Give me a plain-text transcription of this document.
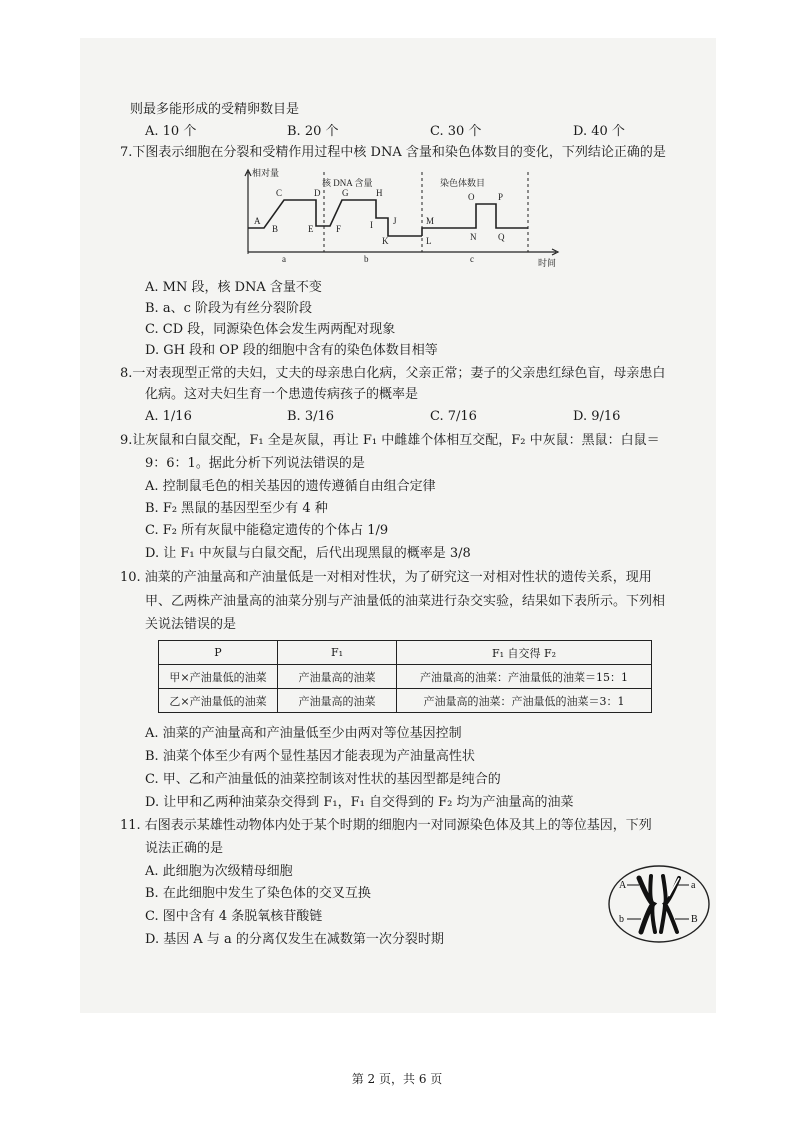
则最多能形成的受精卵数目是
A. 10 个	B. 20 个	C. 30 个	D. 40 个
7.下图表示细胞在分裂和受精作用过程中核 DNA 含量和染色体数目的变化，下列结论正确的是
相对量
时间
核 DNA 含量	染色体数目
A
B
C	D
E	F
G	H
I J
K	L
M
N
O	P
Q
a	b	c
A. MN 段，核 DNA 含量不变
B. a、c 阶段为有丝分裂阶段
C. CD 段，同源染色体会发生两两配对现象
D. GH 段和 OP 段的细胞中含有的染色体数目相等
8.一对表现型正常的夫妇，丈夫的母亲患白化病，父亲正常；妻子的父亲患红绿色盲，母亲患白
化病。这对夫妇生育一个患遗传病孩子的概率是
A. 1/16	B. 3/16	C. 7/16	D. 9/16
9.让灰鼠和白鼠交配，F₁ 全是灰鼠，再让 F₁ 中雌雄个体相互交配，F₂ 中灰鼠：黑鼠：白鼠＝
9：6：1。据此分析下列说法错误的是
A. 控制鼠毛色的相关基因的遗传遵循自由组合定律
B. F₂ 黑鼠的基因型至少有 4 种
C. F₂ 所有灰鼠中能稳定遗传的个体占 1/9
D. 让 F₁ 中灰鼠与白鼠交配，后代出现黑鼠的概率是 3/8
10. 油菜的产油量高和产油量低是一对相对性状，为了研究这一对相对性状的遗传关系，现用
甲、乙两株产油量高的油菜分别与产油量低的油菜进行杂交实验，结果如下表所示。下列相
关说法错误的是
P	F₁	F₁ 自交得 F₂
甲×产油量低的油菜	产油量高的油菜	产油量高的油菜：产油量低的油菜＝15：1
乙×产油量低的油菜	产油量高的油菜	产油量高的油菜：产油量低的油菜＝3：1
A. 油菜的产油量高和产油量低至少由两对等位基因控制
B. 油菜个体至少有两个显性基因才能表现为产油量高性状
C. 甲、乙和产油量低的油菜控制该对性状的基因型都是纯合的
D. 让甲和乙两种油菜杂交得到 F₁，F₁ 自交得到的 F₂ 均为产油量高的油菜
11. 右图表示某雄性动物体内处于某个时期的细胞内一对同源染色体及其上的等位基因，下列
说法正确的是
A. 此细胞为次级精母细胞
B. 在此细胞中发生了染色体的交叉互换
C. 图中含有 4 条脱氧核苷酸链
D. 基因 A 与 a 的分离仅发生在减数第一次分裂时期
A	a
b	B
第 2 页，共 6 页
